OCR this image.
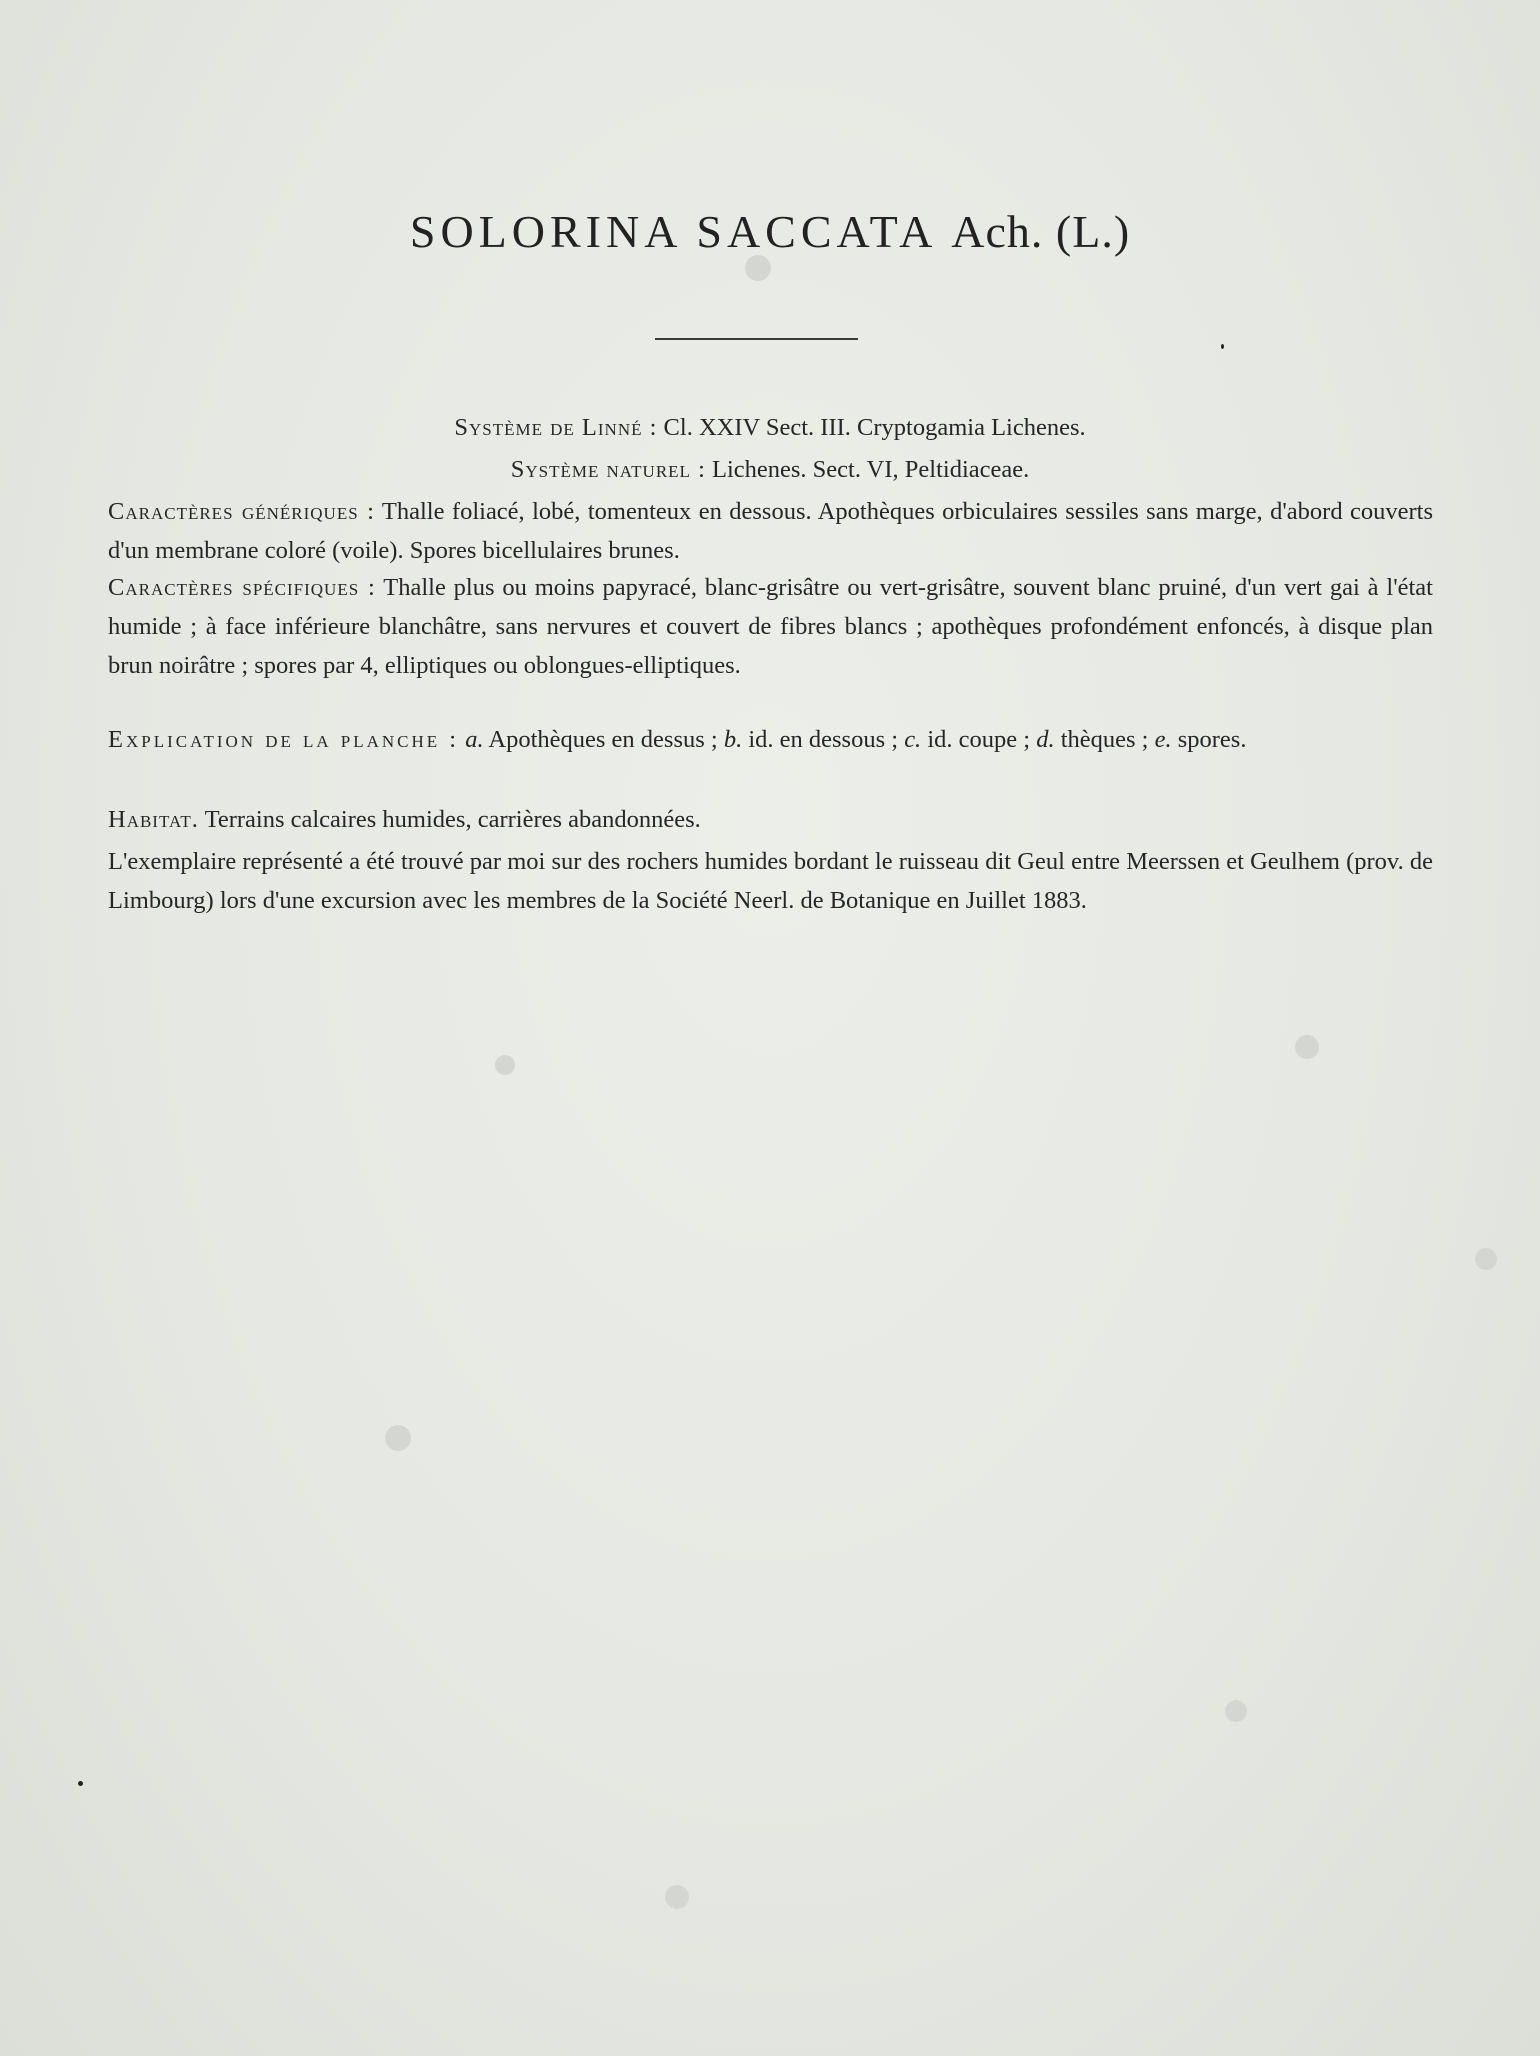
SOLORINA SACCATA Ach. (L.)
Système de Linné : Cl. XXIV Sect. III. Cryptogamia Lichenes.
Système naturel : Lichenes. Sect. VI, Peltidiaceae.
Caractères génériques : Thalle foliacé, lobé, tomenteux en dessous. Apothèques orbiculaires sessiles sans marge, d'abord couverts d'un membrane coloré (voile). Spores bicellulaires brunes.
Caractères spécifiques : Thalle plus ou moins papyracé, blanc-grisâtre ou vert-grisâtre, souvent blanc pruiné, d'un vert gai à l'état humide ; à face inférieure blanchâtre, sans nervures et couvert de fibres blancs ; apothèques profondément enfoncés, à disque plan brun noirâtre ; spores par 4, elliptiques ou oblongues-elliptiques.
Explication de la planche : a. Apothèques en dessus ; b. id. en dessous ; c. id. coupe ; d. thèques ; e. spores.
Habitat. Terrains calcaires humides, carrières abandonnées.
L'exemplaire représenté a été trouvé par moi sur des rochers humides bordant le ruisseau dit Geul entre Meerssen et Geulhem (prov. de Limbourg) lors d'une excursion avec les membres de la Société Neerl. de Botanique en Juillet 1883.
